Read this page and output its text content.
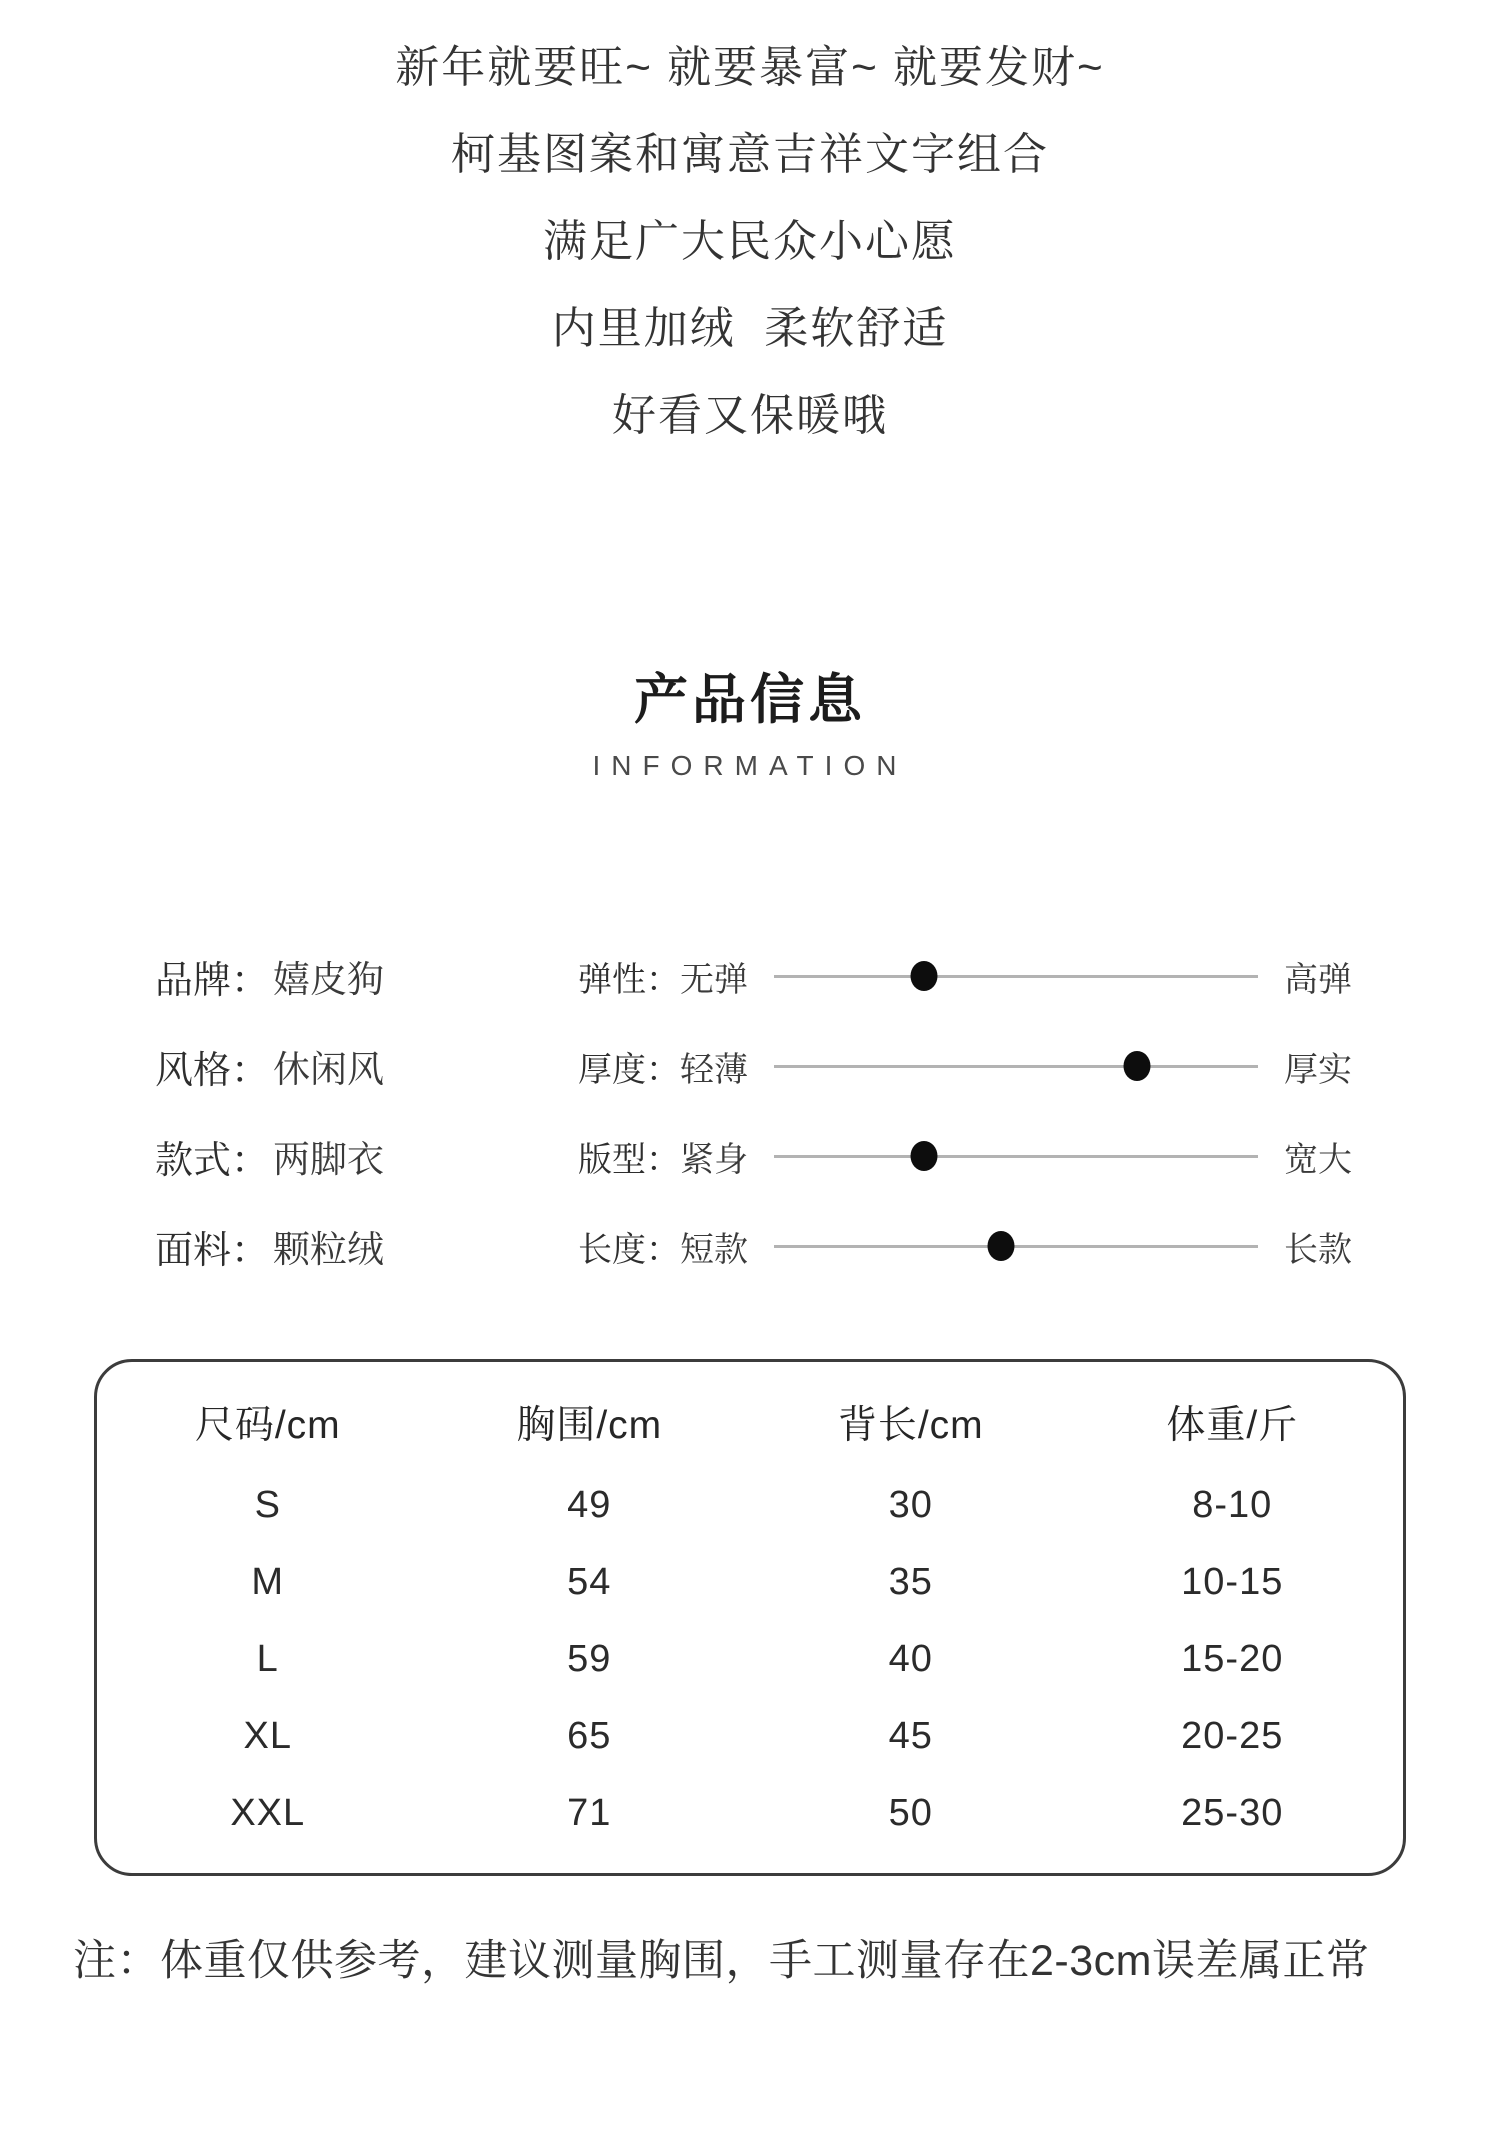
新年就要旺~ 就要暴富~ 就要发财~
柯基图案和寓意吉祥文字组合
满足广大民众小心愿
内里加绒  柔软舒适
好看又保暖哦
产品信息
INFORMATION
品牌： 嬉皮狗
风格： 休闲风
款式： 两脚衣
面料： 颗粒绒
弹性： 无弹	高弹
厚度： 轻薄	厚实
版型： 紧身	宽大
长度： 短款	长款
尺码/cm	胸围/cm	背长/cm	体重/斤
S	49	30	8-10
M	54	35	10-15
L	59	40	15-20
XL	65	45	20-25
XXL	71	50	25-30
注：体重仅供参考，建议测量胸围，手工测量存在2-3cm误差属正常
